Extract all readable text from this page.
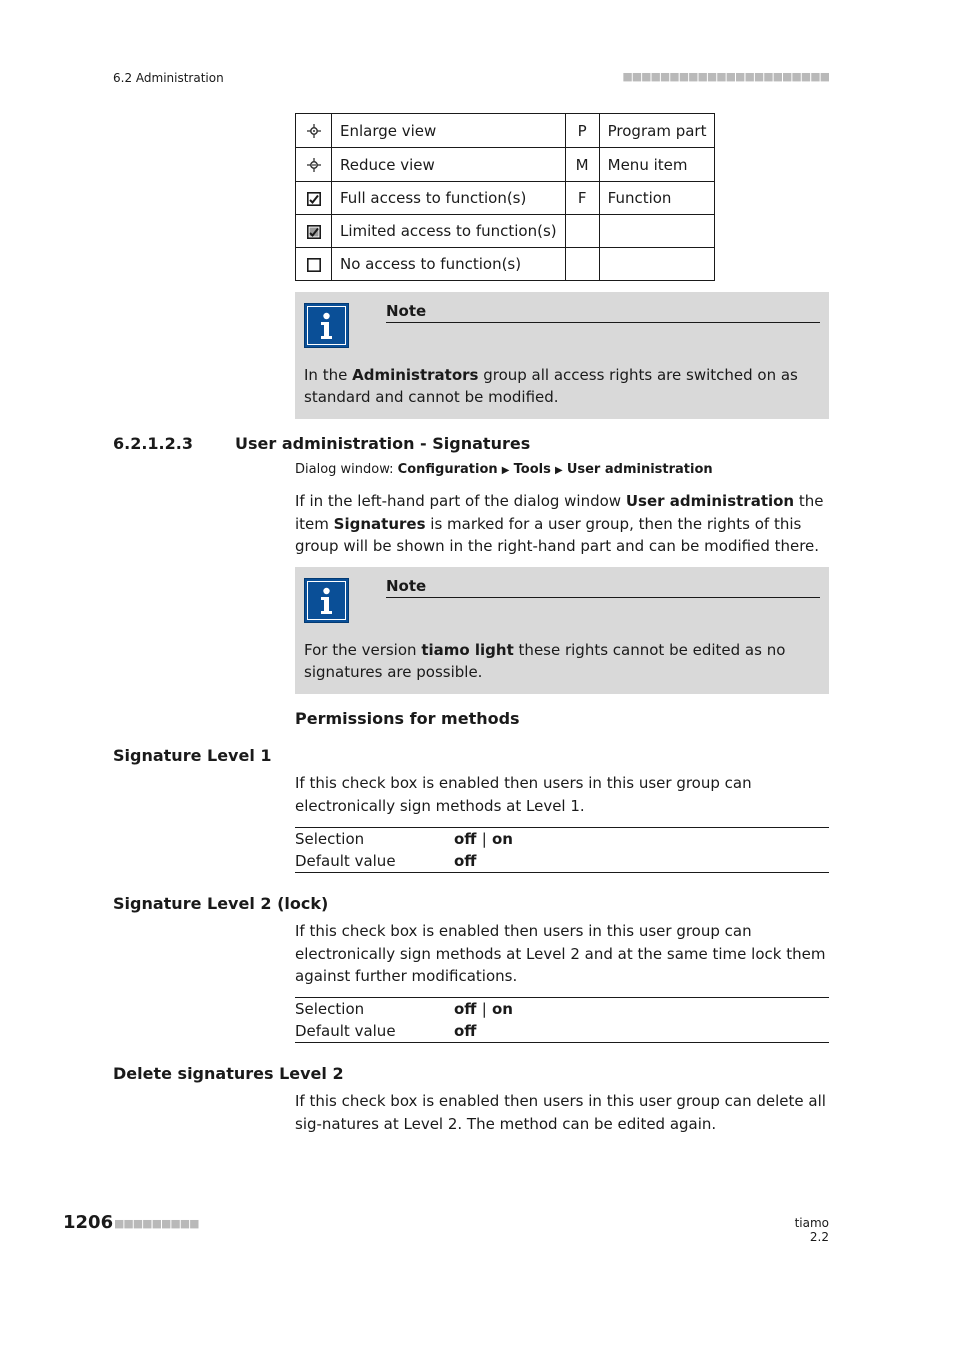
6.2 Administration	■■■■■■■■■■■■■■■■■■■■■■
	Enlarge view	P	Program part
	Reduce view	M	Menu item
	Full access to function(s)	F	Function
	Limited access to function(s)		
	No access to function(s)		
Note
In the Administrators group all access rights are switched on as standard and cannot be modified.
6.2.1.2.3	User administration - Signatures
Dialog window: Configuration ▶ Tools ▶ User administration
If in the left-hand part of the dialog window User administration the item Signatures is marked for a user group, then the rights of this group will be shown in the right-hand part and can be modified there.
Note
For the version tiamo light these rights cannot be edited as no signatures are possible.
Permissions for methods
Signature Level 1
If this check box is enabled then users in this user group can electronically sign methods at Level 1.
Selection	off | on
Default value	off
Signature Level 2 (lock)
If this check box is enabled then users in this user group can electronically sign methods at Level 2 and at the same time lock them against further modifications.
Selection	off | on
Default value	off
Delete signatures Level 2
If this check box is enabled then users in this user group can delete all sig-natures at Level 2. The method can be edited again.
1206 ■■■■■■■■■	tiamo 2.2
